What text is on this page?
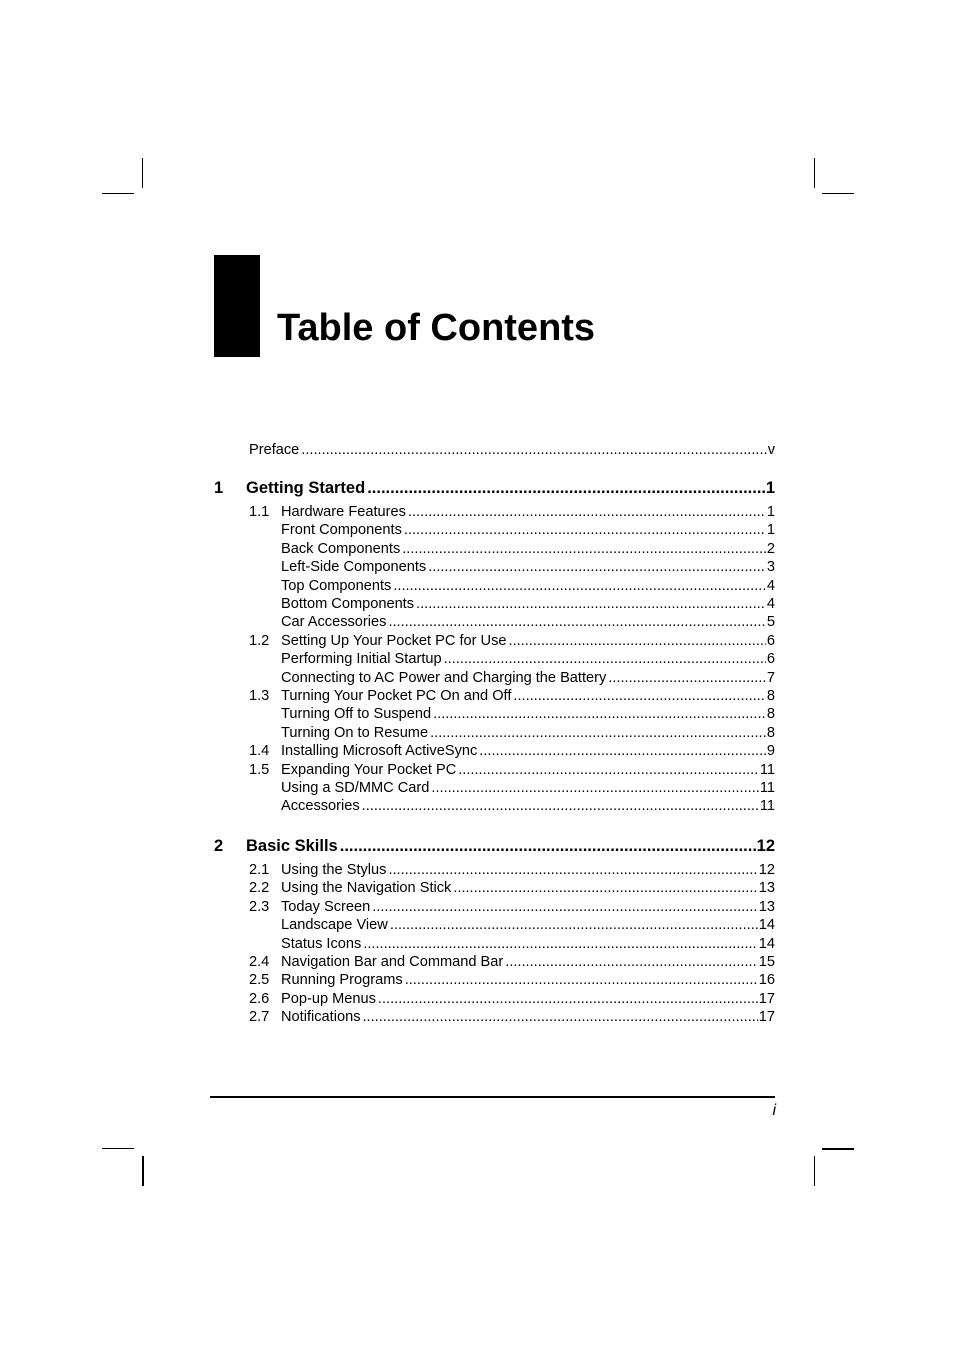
Table of Contents
Preface .....	v
1 Getting Started .....	1
1.1 Hardware Features .....	1
Front Components .....	1
Back Components .....	2
Left-Side Components .....	3
Top Components .....	4
Bottom Components .....	4
Car Accessories .....	5
1.2 Setting Up Your Pocket PC for Use .....	6
Performing Initial Startup .....	6
Connecting to AC Power and Charging the Battery .....	7
1.3 Turning Your Pocket PC On and Off .....	8
Turning Off to Suspend .....	8
Turning On to Resume .....	8
1.4 Installing Microsoft ActiveSync .....	9
1.5 Expanding Your Pocket PC .....	11
Using a SD/MMC Card .....	11
Accessories .....	11
2 Basic Skills .....	12
2.1 Using the Stylus .....	12
2.2 Using the Navigation Stick .....	13
2.3 Today Screen .....	13
Landscape View .....	14
Status Icons .....	14
2.4 Navigation Bar and Command Bar .....	15
2.5 Running Programs .....	16
2.6 Pop-up Menus .....	17
2.7 Notifications .....	17
i
